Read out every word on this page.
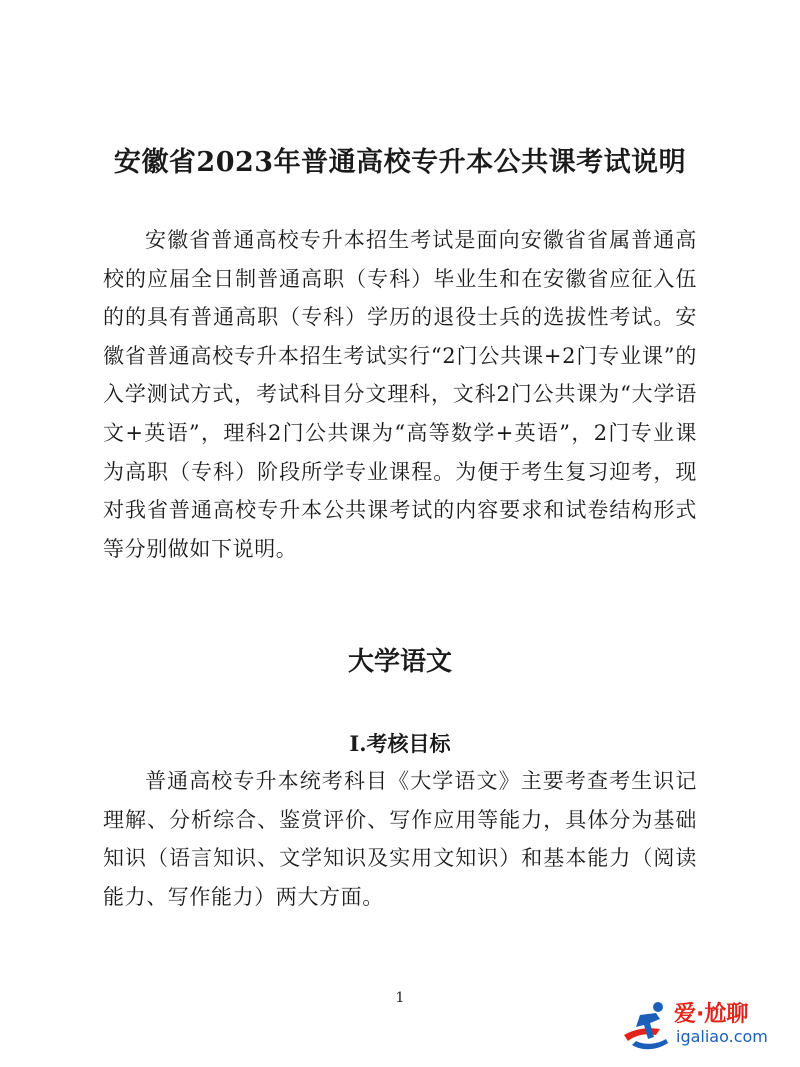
安徽省2023年普通高校专升本公共课考试说明

安徽省普通高校专升本招生考试是面向安徽省省属普通高校的应届全日制普通高职（专科）毕业生和在安徽省应征入伍的的具有普通高职（专科）学历的退役士兵的选拔性考试。安徽省普通高校专升本招生考试实行“2门公共课+2门专业课”的入学测试方式，考试科目分文理科，文科2门公共课为“大学语文+英语”，理科2门公共课为“高等数学+英语”，2门专业课为高职（专科）阶段所学专业课程。为便于考生复习迎考，现对我省普通高校专升本公共课考试的内容要求和试卷结构形式等分别做如下说明。

大学语文
I.考核目标

普通高校专升本统考科目《大学语文》主要考查考生识记理解、分析综合、鉴赏评价、写作应用等能力，具体分为基础知识（语言知识、文学知识及实用文知识）和基本能力（阅读能力、写作能力）两大方面。

1
爱·尬聊
igaliao.com
